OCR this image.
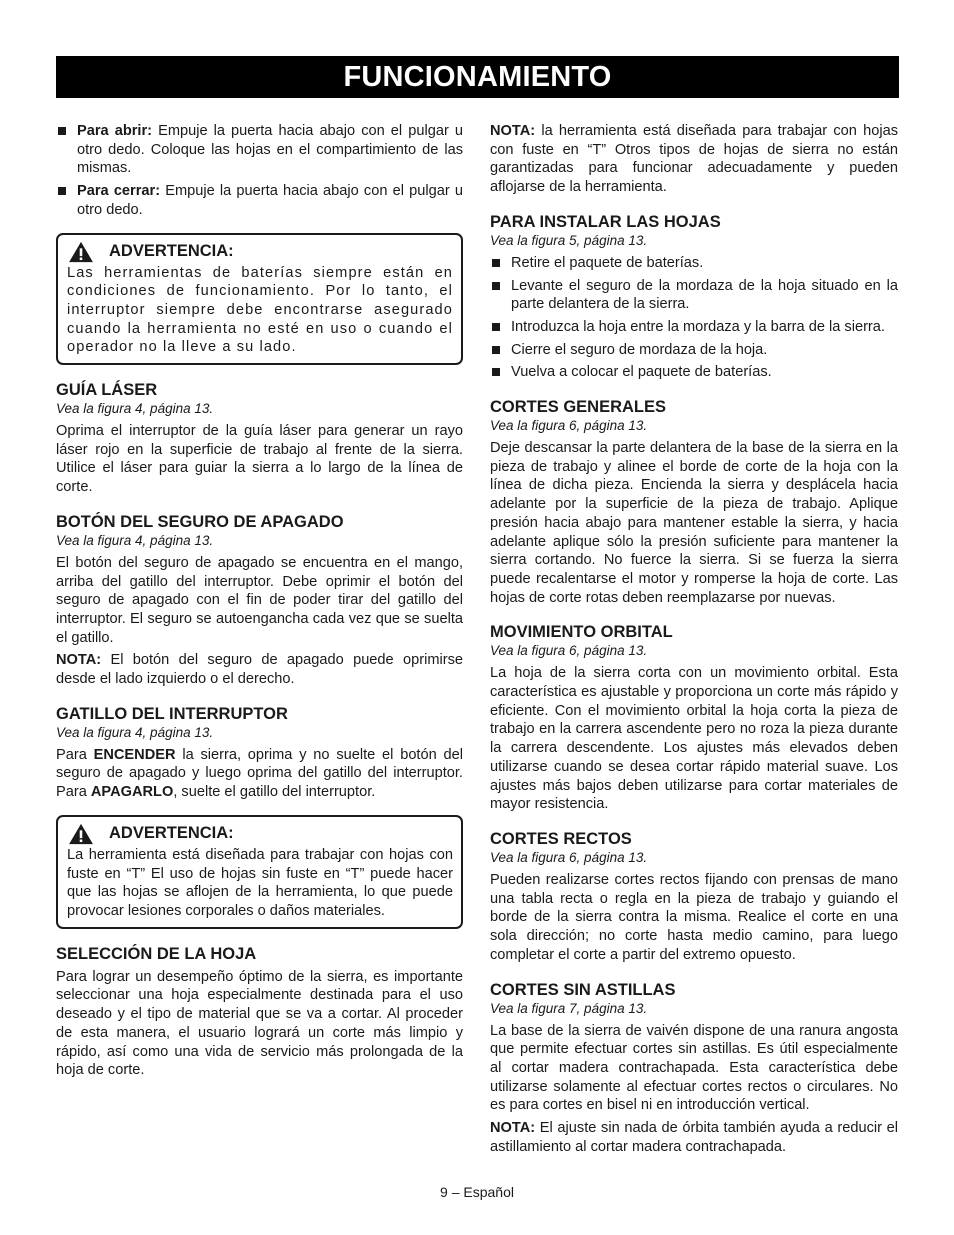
FUNCIONAMIENTO
Para abrir: Empuje la puerta hacia abajo con el pulgar u otro dedo. Coloque las hojas en el compartimiento de las mismas.
Para cerrar: Empuje la puerta hacia abajo con el pulgar u otro dedo.
ADVERTENCIA:

Las herramientas de baterías siempre están en condiciones de funcionamiento. Por lo tanto, el interruptor siempre debe encontrarse asegurado cuando la herramienta no esté en uso o cuando el operador no la lleve a su lado.

GUÍA LÁSER
Vea la figura 4, página 13.

Oprima el interruptor de la guía láser para generar un rayo láser rojo en la superficie de trabajo al frente de la sierra. Utilice el láser para guiar la sierra a lo largo de la línea de corte.

BOTÓN DEL SEGURO DE APAGADO
Vea la figura 4, página 13.

El botón del seguro de apagado se encuentra en el mango, arriba del gatillo del interruptor. Debe oprimir el botón del seguro de apagado con el fin de poder tirar del gatillo del interruptor. El seguro se autoengancha cada vez que se suelta el gatillo.

NOTA: El botón del seguro de apagado puede oprimirse desde el lado izquierdo o el derecho.

GATILLO DEL INTERRUPTOR
Vea la figura 4, página 13.

Para ENCENDER la sierra, oprima y no suelte el botón del seguro de apagado y luego oprima del gatillo del interruptor. Para APAGARLO, suelte el gatillo del interruptor.

ADVERTENCIA:

La herramienta está diseñada para trabajar con hojas con fuste en “T” El uso de hojas sin fuste en “T” puede hacer que las hojas se aflojen de la herramienta, lo que puede provocar lesiones corporales o daños materiales.

SELECCIÓN DE LA HOJA

Para lograr un desempeño óptimo de la sierra, es importante seleccionar una hoja especialmente destinada para el uso deseado y el tipo de material que se va a cortar. Al proceder de esta manera, el usuario logrará un corte más limpio y rápido, así como una vida de servicio más prolongada de la hoja de corte.

NOTA: la herramienta está diseñada para trabajar con hojas con fuste en “T” Otros tipos de hojas de sierra no están garantizadas para funcionar adecuadamente y pueden aflojarse de la herramienta.

PARA INSTALAR LAS HOJAS
Vea la figura 5, página 13.
Retire el paquete de baterías.
Levante el seguro de la mordaza de la hoja situado en la parte delantera de la sierra.
Introduzca la hoja entre la mordaza y la barra de la sierra.
Cierre el seguro de mordaza de la hoja.
Vuelva a colocar el paquete de baterías.
CORTES GENERALES
Vea la figura 6, página 13.

Deje descansar la parte delantera de la base de la sierra en la pieza de trabajo y alinee el borde de corte de la hoja con la línea de dicha pieza. Encienda la sierra y desplácela hacia adelante por la superficie de la pieza de trabajo. Aplique presión hacia abajo para mantener estable la sierra, y hacia adelante aplique sólo la presión suficiente para mantener la sierra cortando. No fuerce la sierra. Si se fuerza la sierra puede recalentarse el motor y romperse la hoja de corte. Las hojas de corte rotas deben reemplazarse por nuevas.

MOVIMIENTO ORBITAL
Vea la figura 6, página 13.

La hoja de la sierra corta con un movimiento orbital. Esta característica es ajustable y proporciona un corte más rápido y eficiente. Con el movimiento orbital la hoja corta la pieza de trabajo en la carrera ascendente pero no roza la pieza durante la carrera descendente. Los ajustes más elevados deben utilizarse cuando se desea cortar rápido material suave. Los ajustes más bajos deben utilizarse para cortar materiales de mayor resistencia.

CORTES RECTOS
Vea la figura 6, página 13.

Pueden realizarse cortes rectos fijando con prensas de mano una tabla recta o regla en la pieza de trabajo y guiando el borde de la sierra contra la misma. Realice el corte en una sola dirección; no corte hasta medio camino, para luego completar el corte a partir del extremo opuesto.

CORTES SIN ASTILLAS
Vea la figura 7, página 13.

La base de la sierra de vaivén dispone de una ranura angosta que permite efectuar cortes sin astillas. Es útil especialmente al cortar madera contrachapada. Esta característica debe utilizarse solamente al efectuar cortes rectos o circulares. No es para cortes en bisel ni en introducción vertical.

NOTA: El ajuste sin nada de órbita también ayuda a reducir el astillamiento al cortar madera contrachapada.

9 – Español
